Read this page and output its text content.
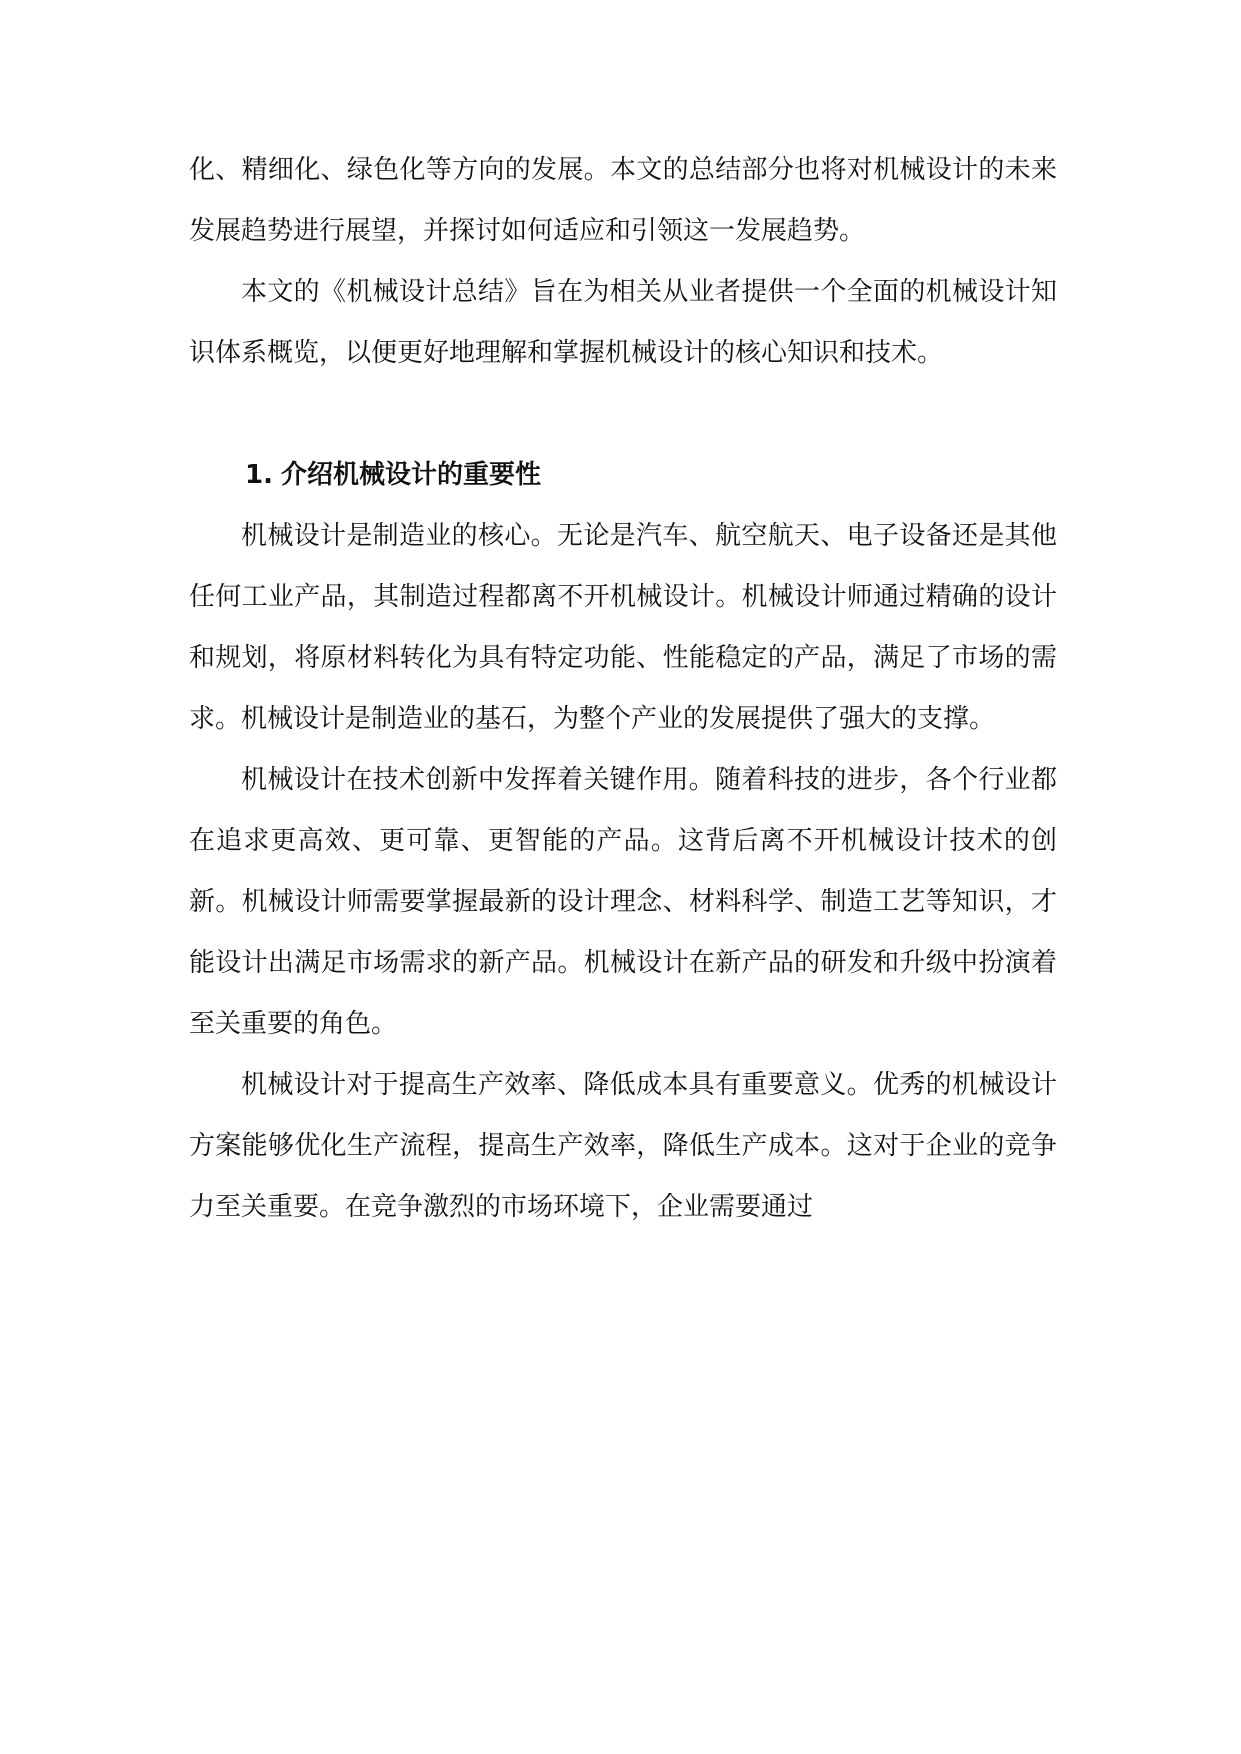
化、精细化、绿色化等方向的发展。本文的总结部分也将对机械设计的未来发展趋势进行展望，并探讨如何适应和引领这一发展趋势。

本文的《机械设计总结》旨在为相关从业者提供一个全面的机械设计知识体系概览，以便更好地理解和掌握机械设计的核心知识和技术。

1. 介绍机械设计的重要性

机械设计是制造业的核心。无论是汽车、航空航天、电子设备还是其他任何工业产品，其制造过程都离不开机械设计。机械设计师通过精确的设计和规划，将原材料转化为具有特定功能、性能稳定的产品，满足了市场的需求。机械设计是制造业的基石，为整个产业的发展提供了强大的支撑。

机械设计在技术创新中发挥着关键作用。随着科技的进步，各个行业都在追求更高效、更可靠、更智能的产品。这背后离不开机械设计技术的创新。机械设计师需要掌握最新的设计理念、材料科学、制造工艺等知识，才能设计出满足市场需求的新产品。机械设计在新产品的研发和升级中扮演着至关重要的角色。

机械设计对于提高生产效率、降低成本具有重要意义。优秀的机械设计方案能够优化生产流程，提高生产效率，降低生产成本。这对于企业的竞争力至关重要。在竞争激烈的市场环境下，企业需要通过
